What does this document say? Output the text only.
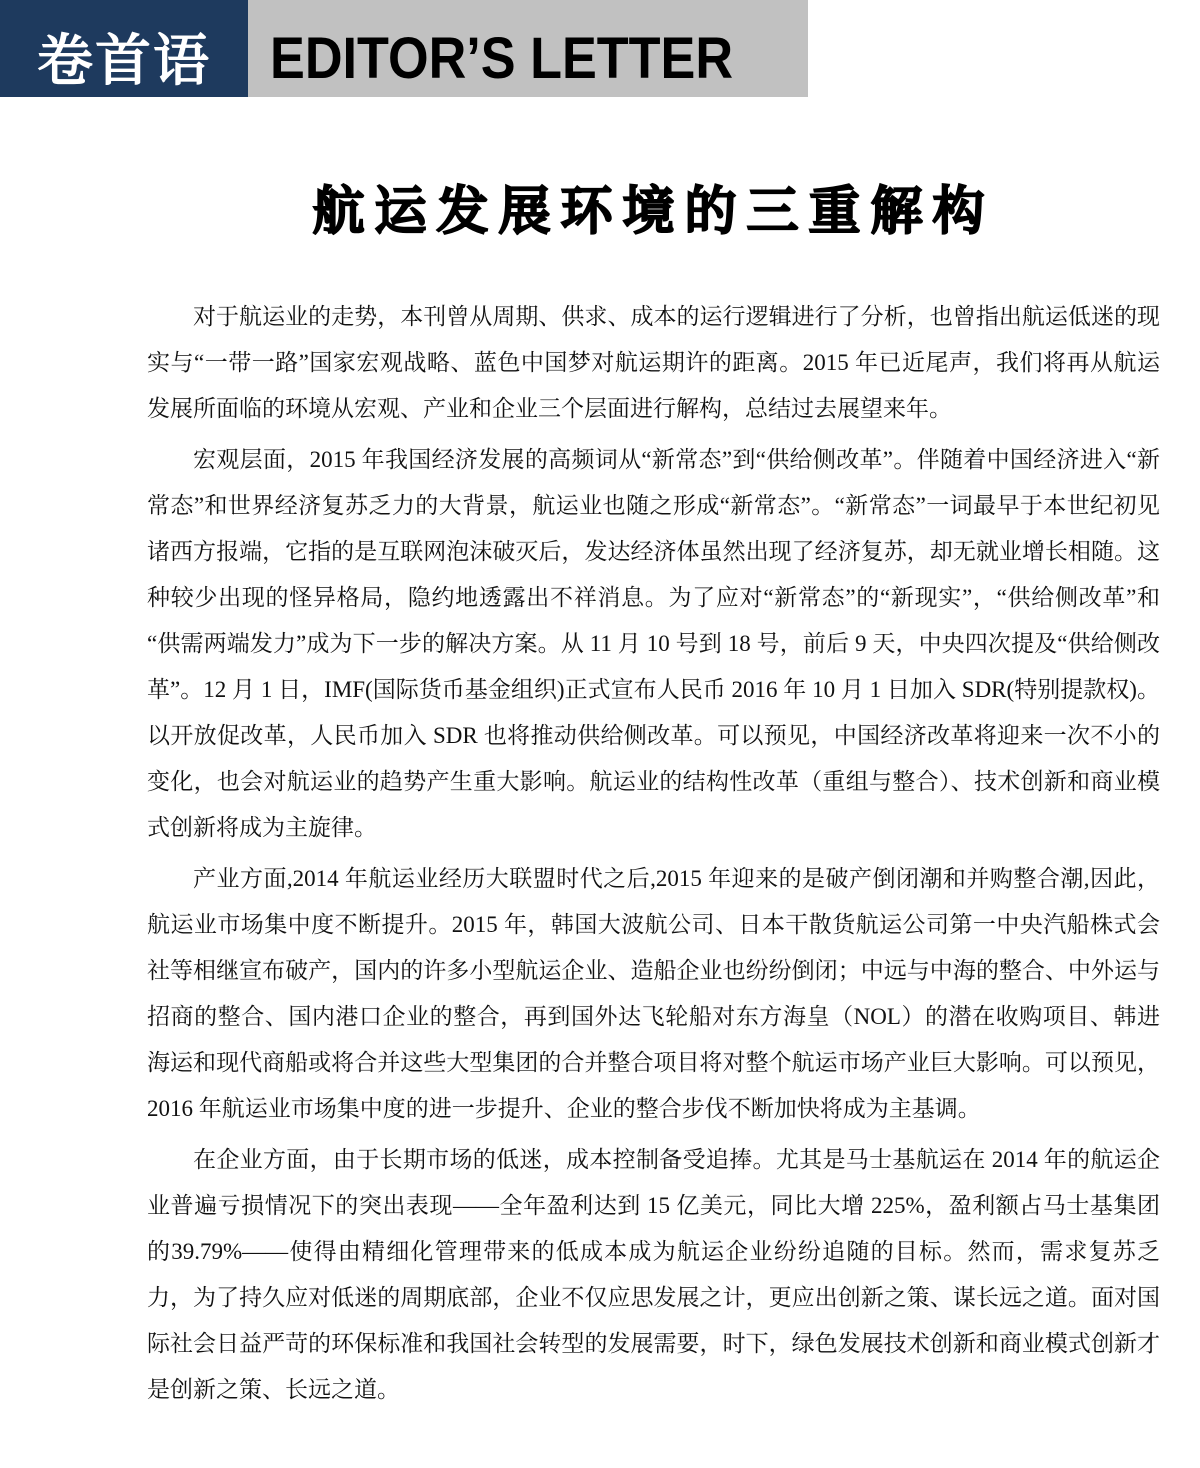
卷首语 EDITOR’S LETTER
航运发展环境的三重解构

对于航运业的走势，本刊曾从周期、供求、成本的运行逻辑进行了分析，也曾指出航运低迷的现实与“一带一路”国家宏观战略、蓝色中国梦对航运期许的距离。2015 年已近尾声，我们将再从航运发展所面临的环境从宏观、产业和企业三个层面进行解构，总结过去展望来年。

宏观层面，2015 年我国经济发展的高频词从“新常态”到“供给侧改革”。伴随着中国经济进入“新常态”和世界经济复苏乏力的大背景，航运业也随之形成“新常态”。“新常态”一词最早于本世纪初见诸西方报端，它指的是互联网泡沫破灭后，发达经济体虽然出现了经济复苏，却无就业增长相随。这种较少出现的怪异格局，隐约地透露出不祥消息。为了应对“新常态”的“新现实”，“供给侧改革”和“供需两端发力”成为下一步的解决方案。从 11 月 10 号到 18 号，前后 9 天，中央四次提及“供给侧改革”。12 月 1 日，IMF(国际货币基金组织)正式宣布人民币 2016 年 10 月 1 日加入 SDR(特别提款权)。以开放促改革，人民币加入 SDR 也将推动供给侧改革。可以预见，中国经济改革将迎来一次不小的变化，也会对航运业的趋势产生重大影响。航运业的结构性改革（重组与整合）、技术创新和商业模式创新将成为主旋律。

产业方面,2014 年航运业经历大联盟时代之后,2015 年迎来的是破产倒闭潮和并购整合潮,因此，航运业市场集中度不断提升。2015 年，韩国大波航公司、日本干散货航运公司第一中央汽船株式会社等相继宣布破产，国内的许多小型航运企业、造船企业也纷纷倒闭；中远与中海的整合、中外运与招商的整合、国内港口企业的整合，再到国外达飞轮船对东方海皇（NOL）的潜在收购项目、韩进海运和现代商船或将合并这些大型集团的合并整合项目将对整个航运市场产业巨大影响。可以预见，2016 年航运业市场集中度的进一步提升、企业的整合步伐不断加快将成为主基调。

在企业方面，由于长期市场的低迷，成本控制备受追捧。尤其是马士基航运在 2014 年的航运企业普遍亏损情况下的突出表现——全年盈利达到 15 亿美元，同比大增 225%，盈利额占马士基集团的39.79%——使得由精细化管理带来的低成本成为航运企业纷纷追随的目标。然而，需求复苏乏力，为了持久应对低迷的周期底部，企业不仅应思发展之计，更应出创新之策、谋长远之道。面对国际社会日益严苛的环保标准和我国社会转型的发展需要，时下，绿色发展技术创新和商业模式创新才是创新之策、长远之道。
